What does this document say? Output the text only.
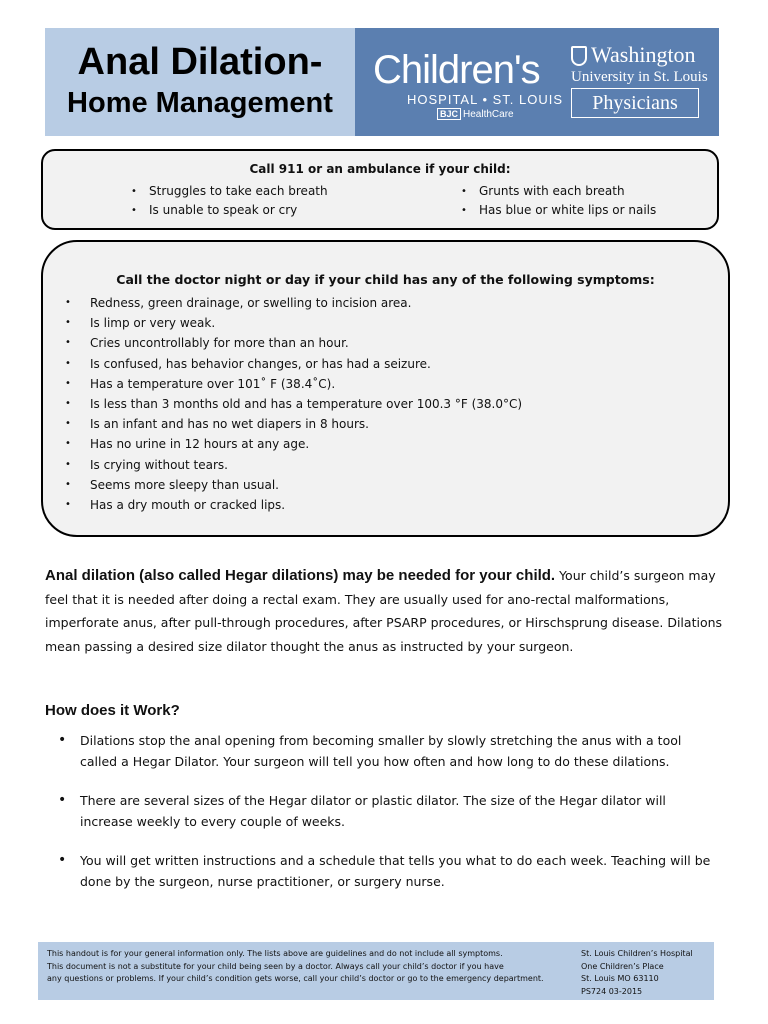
Anal Dilation-
Home Management
Children's
HOSPITAL • ST. LOUIS
BJC HealthCare
Washington
University in St. Louis
Physicians
Call 911 or an ambulance if your child:
• Struggles to take each breath
• Is unable to speak or cry
• Grunts with each breath
• Has blue or white lips or nails
Call the doctor night or day if your child has any of the following symptoms:
• Redness, green drainage, or swelling to incision area.
• Is limp or very weak.
• Cries uncontrollably for more than an hour.
• Is confused, has behavior changes, or has had a seizure.
• Has a temperature over 101˚ F (38.4˚C).
• Is less than 3 months old and has a temperature over 100.3 °F (38.0°C)
• Is an infant and has no wet diapers in 8 hours.
• Has no urine in 12 hours at any age.
• Is crying without tears.
• Seems more sleepy than usual.
• Has a dry mouth or cracked lips.

Anal dilation (also called Hegar dilations) may be needed for your child. Your child’s surgeon may feel that it is needed after doing a rectal exam. They are usually used for ano-rectal malformations, imperforate anus, after pull-through procedures, after PSARP procedures, or Hirschsprung disease. Dilations mean passing a desired size dilator thought the anus as instructed by your surgeon.

How does it Work?
• Dilations stop the anal opening from becoming smaller by slowly stretching the anus with a tool called a Hegar Dilator. Your surgeon will tell you how often and how long to do these dilations.
• There are several sizes of the Hegar dilator or plastic dilator. The size of the Hegar dilator will increase weekly to every couple of weeks.
• You will get written instructions and a schedule that tells you what to do each week. Teaching will be done by the surgeon, nurse practitioner, or surgery nurse.
This handout is for your general information only. The lists above are guidelines and do not include all symptoms.
This document is not a substitute for your child being seen by a doctor. Always call your child’s doctor if you have
any questions or problems. If your child’s condition gets worse, call your child’s doctor or go to the emergency department.
St. Louis Children’s Hospital
One Children’s Place
St. Louis MO 63110
PS724 03-2015
